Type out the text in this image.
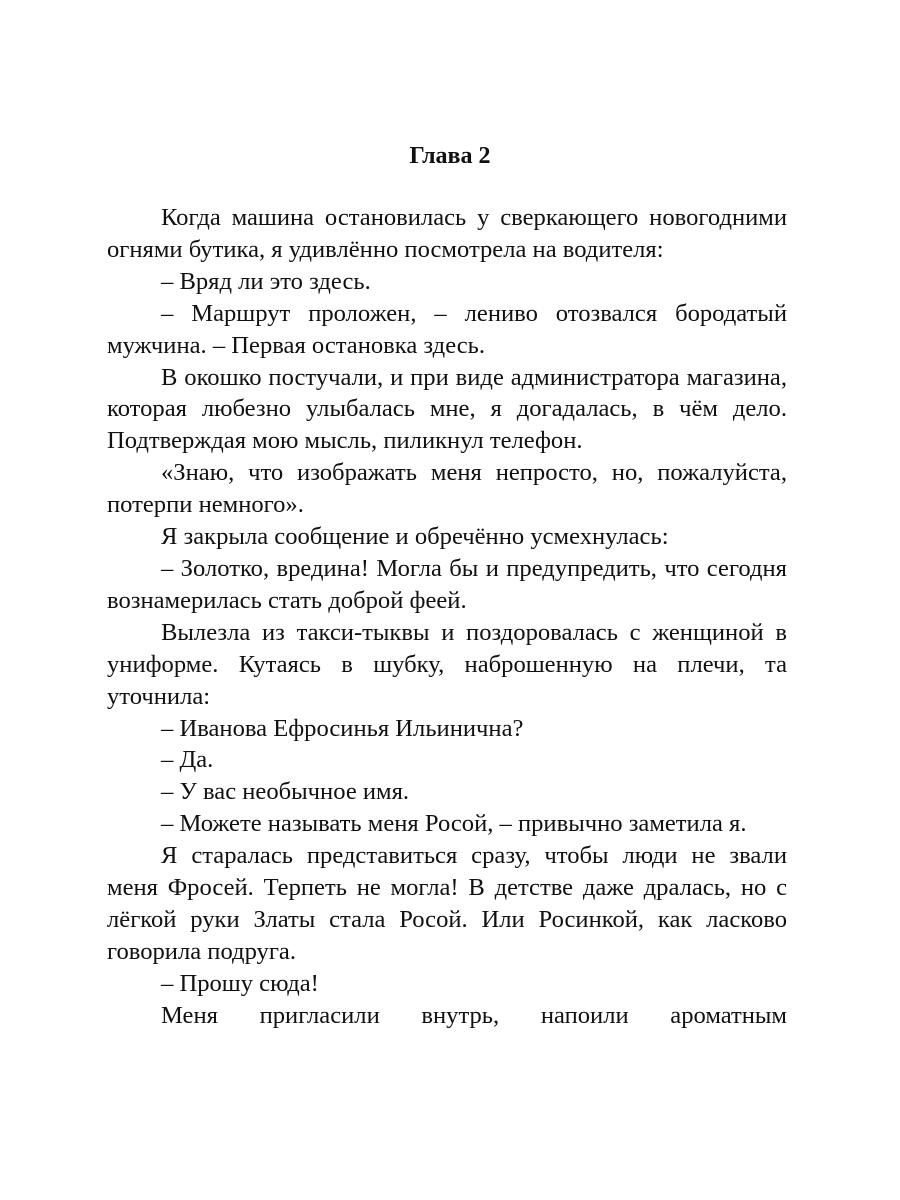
Глава 2

Когда машина остановилась у сверкающего новогодними огнями бутика, я удивлённо посмотрела на водителя:

– Вряд ли это здесь.

– Маршрут проложен, – лениво отозвался бородатый мужчина. – Первая остановка здесь.

В окошко постучали, и при виде администратора магазина, которая любезно улыбалась мне, я догадалась, в чём дело. Подтверждая мою мысль, пиликнул телефон.

«Знаю, что изображать меня непросто, но, пожалуйста, потерпи немного».

Я закрыла сообщение и обречённо усмехнулась:

– Золотко, вредина! Могла бы и предупредить, что сегодня вознамерилась стать доброй феей.

Вылезла из такси-тыквы и поздоровалась с женщиной в униформе. Кутаясь в шубку, наброшенную на плечи, та уточнила:

– Иванова Ефросинья Ильинична?

– Да.

– У вас необычное имя.

– Можете называть меня Росой, – привычно заметила я.

Я старалась представиться сразу, чтобы люди не звали меня Фросей. Терпеть не могла! В детстве даже дралась, но с лёгкой руки Златы стала Росой. Или Росинкой, как ласково говорила подруга.

– Прошу сюда!

Меня пригласили внутрь, напоили ароматным
